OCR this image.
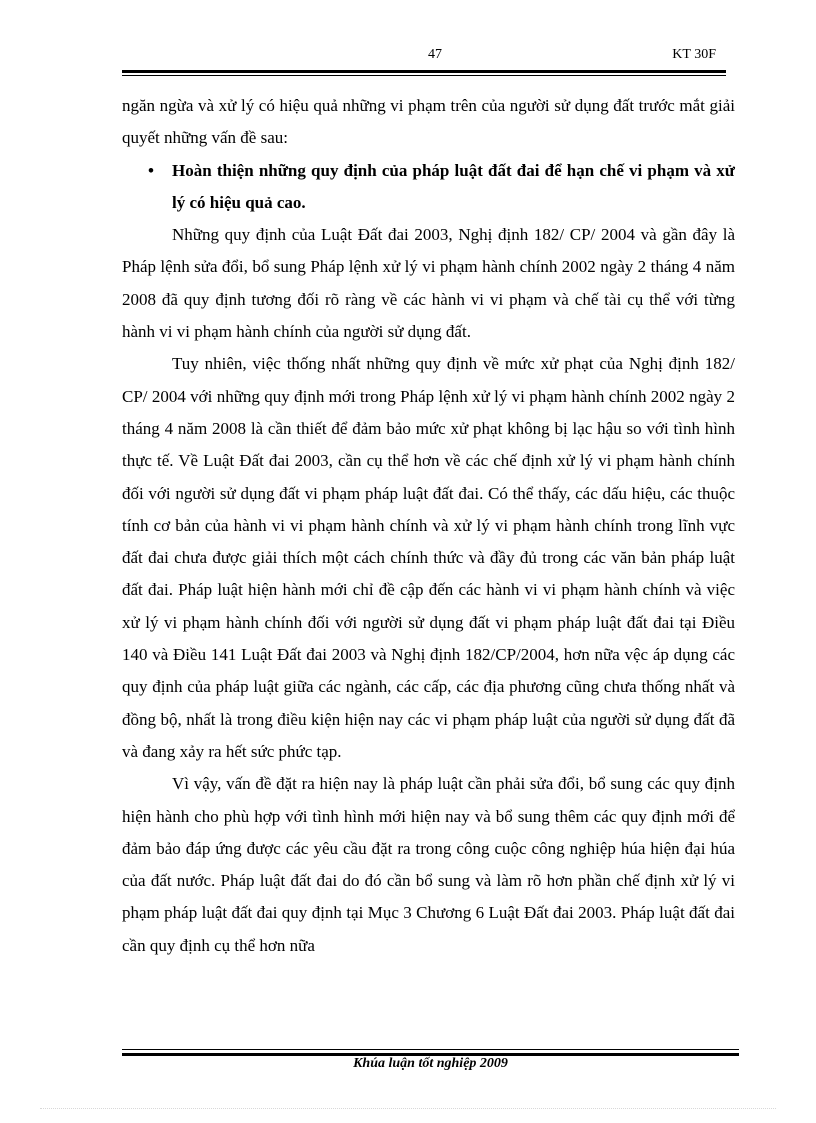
47	KT 30F

ngăn ngừa và xử lý có hiệu quả những vi phạm trên của người sử dụng đất trước mắt giải quyết những vấn đề sau:

• Hoàn thiện những quy định của pháp luật đất đai để hạn chế vi phạm và xử lý có hiệu quả cao.

Những quy định của Luật Đất đai 2003, Nghị định 182/ CP/ 2004 và gần đây là Pháp lệnh sửa đổi, bổ sung Pháp lệnh xử lý vi phạm hành chính 2002 ngày 2 tháng 4 năm 2008 đã quy định tương đối rõ ràng về các hành vi vi phạm và chế tài cụ thể với từng hành vi vi phạm hành chính của người sử dụng đất.

Tuy nhiên, việc thống nhất những quy định về mức xử phạt của Nghị định 182/ CP/ 2004 với những quy định mới trong Pháp lệnh xử lý vi phạm hành chính 2002 ngày 2 tháng 4 năm 2008 là cần thiết để đảm bảo mức xử phạt không bị lạc hậu so với tình hình thực tế. Về Luật Đất đai 2003, cần cụ thể hơn về các chế định xử lý vi phạm hành chính đối với người sử dụng đất vi phạm pháp luật đất đai. Có thể thấy, các dấu hiệu, các thuộc tính cơ bản của hành vi vi phạm hành chính và xử lý vi phạm hành chính trong lĩnh vực đất đai chưa được giải thích một cách chính thức và đầy đủ trong các văn bản pháp luật đất đai. Pháp luật hiện hành mới chỉ đề cập đến các hành vi vi phạm hành chính và việc xử lý vi phạm hành chính đối với người sử dụng đất vi phạm pháp luật đất đai tại Điều 140 và Điều 141 Luật Đất đai 2003 và Nghị định 182/CP/2004, hơn nữa vệc áp dụng các quy định của pháp luật giữa các ngành, các cấp, các địa phương cũng chưa thống nhất và đồng bộ, nhất là trong điều kiện hiện nay các vi phạm pháp luật của người sử dụng đất đã và đang xảy ra hết sức phức tạp.

Vì vậy, vấn đề đặt ra hiện nay là pháp luật cần phải sửa đổi, bổ sung các quy định hiện hành cho phù hợp với tình hình mới hiện nay và bổ sung thêm các quy định mới để đảm bảo đáp ứng được các yêu cầu đặt ra trong công cuộc công nghiệp húa hiện đại húa của đất nước. Pháp luật đất đai do đó cần bổ sung và làm rõ hơn phần chế định xử lý vi phạm pháp luật đất đai quy định tại Mục 3 Chương 6 Luật Đất đai 2003. Pháp luật đất đai cần quy định cụ thể hơn nữa

Khúa luận tốt nghiệp 2009
